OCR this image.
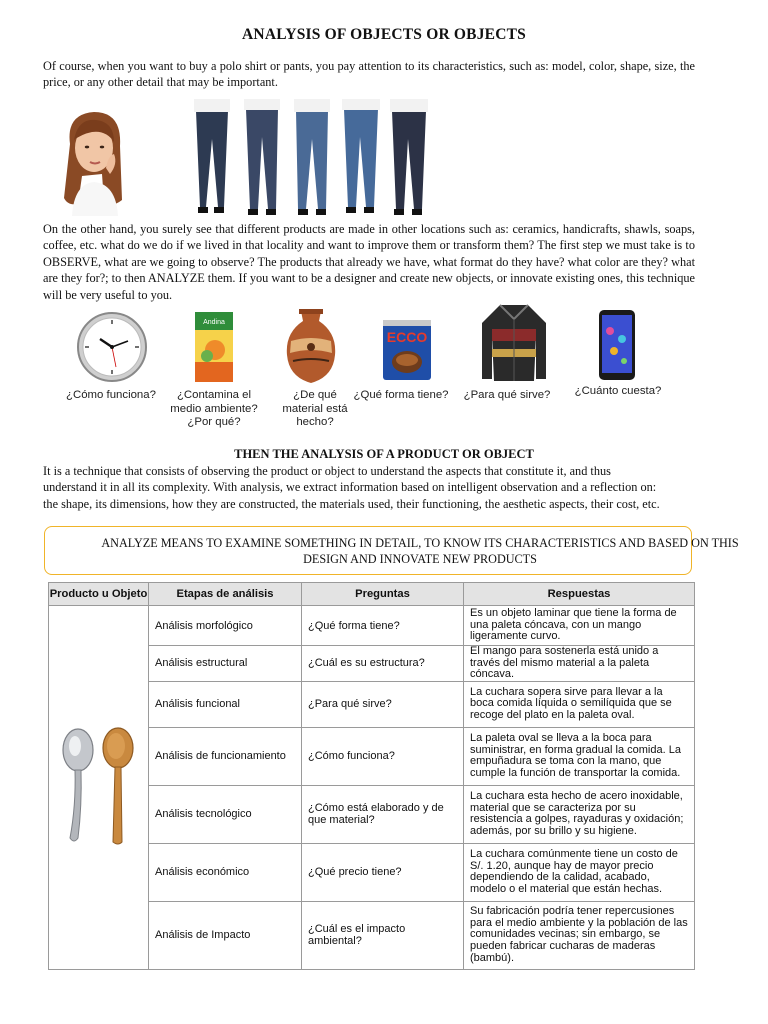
ANALYSIS OF OBJECTS OR OBJECTS

Of course, when you want to buy a polo shirt or pants, you pay attention to its characteristics, such as: model, color, shape, size, the price, or any other detail that may be important.

On the other hand, you surely see that different products are made in other locations such as: ceramics, handicrafts, shawls, soaps, coffee, etc. what do we do if we lived in that locality and want to improve them or transform them? The first step we must take is to OBSERVE, what are we going to observe? The products that already we have, what format do they have? what color are they? what are they for?; to then ANALYZE them. If you want to be a designer and create new objects, or innovate existing ones, this technique will be very useful to you.

Andina
ECCO
¿Cómo funciona?	¿Contamina el medio ambiente? ¿Por qué?
¿De qué material está hecho?
¿Qué forma tiene?	¿Para qué sirve?	¿Cuánto cuesta?
THEN THE ANALYSIS OF A PRODUCT OR OBJECT

It is a technique that consists of observing the product or object to understand the aspects that constitute it, and thus understand it in all its complexity. With analysis, we extract information based on intelligent observation and a reflection on: the shape, its dimensions, how they are constructed, the materials used, their functioning, the aesthetic aspects, their cost, etc.

ANALYZE MEANS TO EXAMINE SOMETHING IN DETAIL, TO KNOW ITS CHARACTERISTICS AND BASED ON THIS
DESIGN AND INNOVATE NEW PRODUCTS
Producto u Objeto	Etapas de análisis	Preguntas	Respuestas
	Análisis morfológico	¿Qué forma tiene?	Es un objeto laminar que tiene la forma de una paleta cóncava, con un mango ligeramente curvo.
	Análisis estructural	¿Cuál es su estructura?	El mango para sostenerla está unido a través del mismo material a la paleta cóncava.
	Análisis funcional	¿Para qué sirve?	La cuchara sopera sirve para llevar a la boca comida líquida o semilíquida que se recoge del plato en la paleta oval.
	Análisis de funcionamiento	¿Cómo funciona?	La paleta oval se lleva a la boca para suministrar, en forma gradual la comida. La empuñadura se toma con la mano, que cumple la función de transportar la comida.
	Análisis tecnológico	¿Cómo está elaborado y de que material?	La cuchara esta hecho de acero inoxidable, material que se caracteriza por su resistencia a golpes, rayaduras y oxidación; además, por su brillo y su higiene.
	Análisis económico	¿Qué precio tiene?	La cuchara comúnmente tiene un costo de S/. 1.20, aunque hay de mayor precio dependiendo de la calidad, acabado, modelo o el material que están hechas.
	Análisis de Impacto	¿Cuál es el impacto ambiental?	Su fabricación podría tener repercusiones para el medio ambiente y la población de las comunidades vecinas; sin embargo, se pueden fabricar cucharas de maderas (bambú).
